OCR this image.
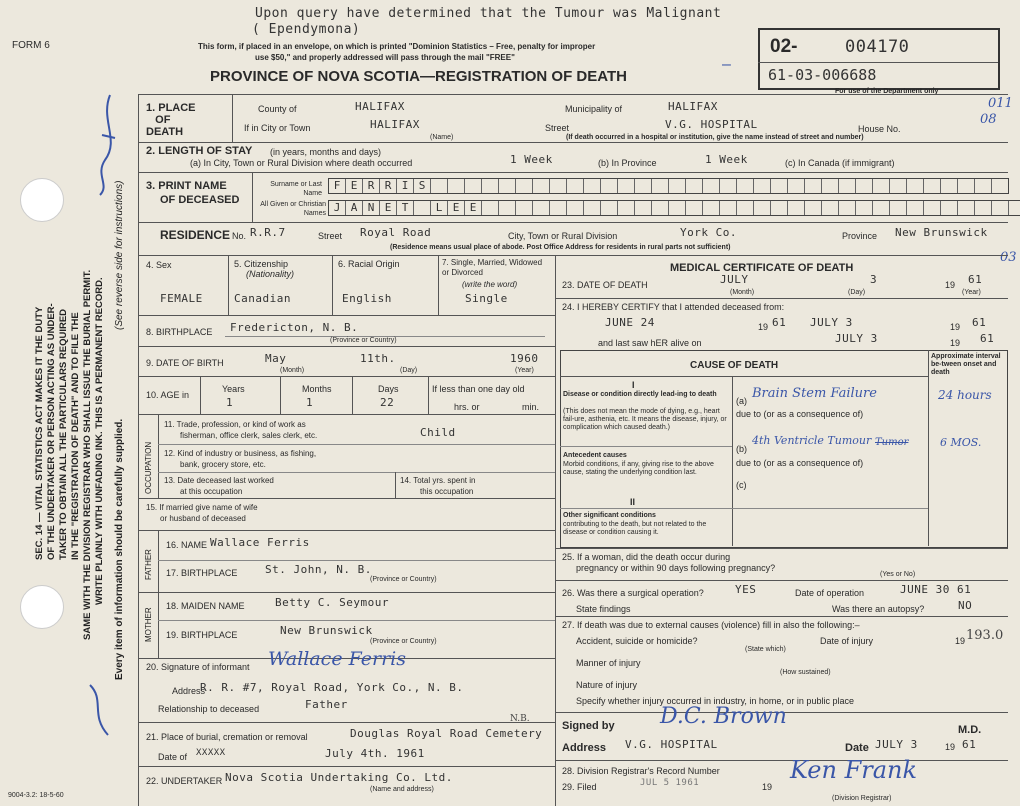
Upon query have determined that the Tumour was Malignant
( Ependymona)
FORM 6	This form, if placed in an envelope, on which is printed "Dominion Statistics – Free, penalty for improper
use $50," and properly addressed will pass through the mail "FREE"
PROVINCE OF NOVA SCOTIA—REGISTRATION OF DEATH
–
02-	004170
61-03-006688
For use of the Department only
011
08
03
SEC. 14 — VITAL STATISTICS ACT MAKES IT THE DUTY OF THE UNDERTAKER OR PERSON ACTING AS UNDER- TAKER TO OBTAIN ALL THE PARTICULARS REQUIRED IN THE "REGISTRATION OF DEATH" AND TO FILE THE SAME WITH THE DIVISION REGISTRAR WHO SHALL ISSUE THE BURIAL PERMIT. WRITE PLAINLY WITH UNFADING INK. THIS IS A PERMANENT RECORD. Every item of information should be carefully supplied.
(See reverse side for instructions)
9004-3.2: 18-5-60
1. PLACE
OF
DEATH
County of	HALIFAX	Municipality of	HALIFAX
If in City or Town	HALIFAX
(Name)
Street	V.G. HOSPITAL	House No.
(If death occurred in a hospital or institution, give the name instead of street and number)
2. LENGTH OF STAY (in years, months and days)
(a) In City, Town or Rural Division where death occurred	1 Week	(b) In Province	1 Week	(c) In Canada (if immigrant)
3. PRINT NAME
OF DECEASED
Surname or Last Name
All Given or Christian Names
F E R R I S
J A N E T	L E E
RESIDENCE No. R.R.7	Street Royal Road	City, Town or Rural Division	York Co.	Province New Brunswick
(Residence means usual place of abode. Post Office Address for residents in rural parts not sufficient)
4. Sex
FEMALE
5. Citizenship
(Nationality)
Canadian
6. Racial Origin
English
7. Single, Married, Widowed or Divorced
(write the word)
Single
8. BIRTHPLACE Fredericton, N. B.
(Province or Country)
9. DATE OF BIRTH	May	11th.	1960
(Month)	(Day)	(Year)
10. AGE in
Years
1
Months
1
Days
22
If less than one day old
hrs. or	min.
OCCUPATION
11. Trade, profession, or kind of work as
fisherman, office clerk, sales clerk, etc.	Child
12. Kind of industry or business, as fishing,
bank, grocery store, etc.
13. Date deceased last worked
at this occupation
14. Total yrs. spent in
this occupation
15. If married give name of wife
or husband of deceased
FATHER
16. NAME Wallace Ferris
17. BIRTHPLACE	St. John, N. B.
(Province or Country)
MOTHER
18. MAIDEN NAME	Betty C. Seymour
19. BIRTHPLACE	New Brunswick
(Province or Country)
20. Signature of informant Wallace Ferris
Address
R. R. #7, Royal Road, York Co., N. B.
Relationship to deceased	Father
21. Place of burial, cremation or removal	Douglas Royal Road Cemetery
N.B.
Date of XXXXX	July 4th. 1961
22. UNDERTAKER Nova Scotia Undertaking Co. Ltd.
(Name and address)
MEDICAL CERTIFICATE OF DEATH
23. DATE OF DEATH	JULY	3	19 61
(Month)	(Day)	(Year)
24. I HEREBY CERTIFY that I attended deceased from:
JUNE 24	19 61 JULY 3	19 61
and last saw hER alive on	JULY 3	19 61
CAUSE OF DEATH
Approximate interval be-tween onset and death
I
Disease or condition directly lead-ing to death
(This does not mean the mode of dying, e.g., heart fail-ure, asthenia, etc. It means the disease, injury, or complication which caused death.)
(a) Brain Stem Failure	24 hours
due to (or as a consequence of)
Antecedent causes
Morbid conditions, if any, giving rise to the above cause, stating the underlying condition last.
(b)
4th Ventricle Tumour Tumor	6 MOS.
due to (or as a consequence of)
(c)
II
Other significant conditions
contributing to the death, but not related to the disease or condition causing it.
25. If a woman, did the death occur during
pregnancy or within 90 days following pregnancy?
(Yes or No)
26. Was there a surgical operation?	YES	Date of operation	JUNE 30 61
State findings	Was there an autopsy?	NO
27. If death was due to external causes (violence) fill in also the following:–
Accident, suicide or homicide?	Date of injury	19 193.0
(State which)
Manner of injury
(How sustained)
Nature of injury
Specify whether injury occurred in industry, in home, or in public place
Signed by D.C. Brown
M.D.
Address V.G. HOSPITAL	Date JULY 3	19 61
28. Division Registrar's Record Number
29. Filed	JUL 5 1961	19
Ken Frank
(Division Registrar)
